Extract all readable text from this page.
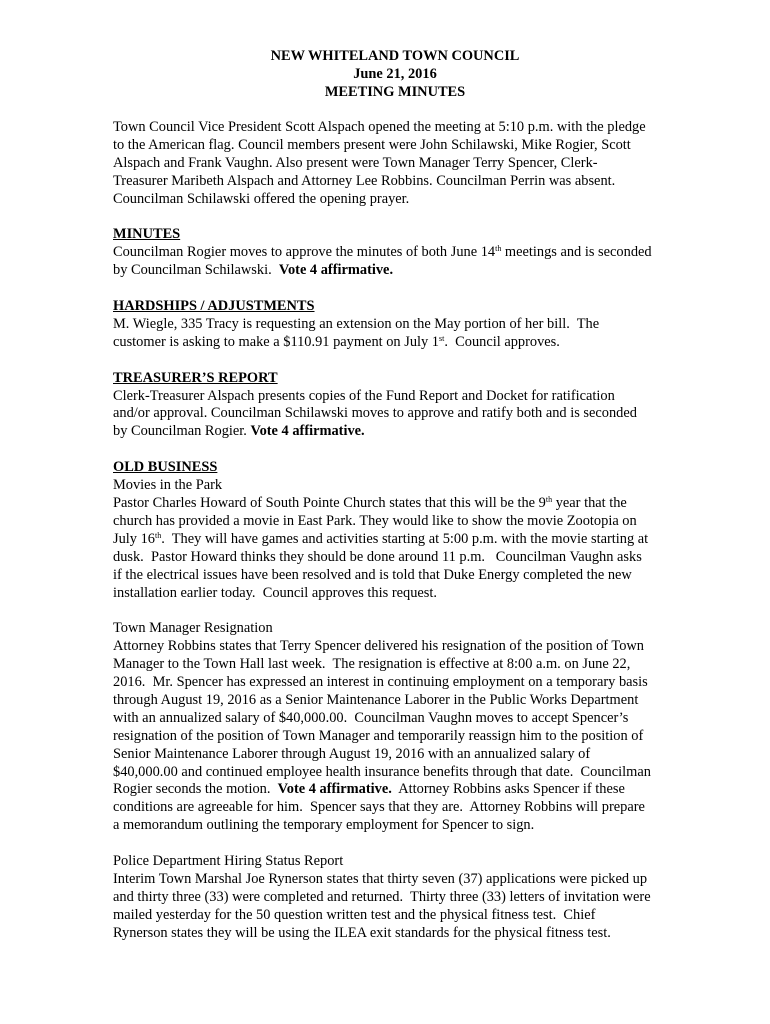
NEW WHITELAND TOWN COUNCIL
June 21, 2016
MEETING MINUTES

Town Council Vice President Scott Alspach opened the meeting at 5:10 p.m. with the pledge

to the American flag. Council members present were John Schilawski, Mike Rogier, Scott

Alspach and Frank Vaughn. Also present were Town Manager Terry Spencer, Clerk-

Treasurer Maribeth Alspach and Attorney Lee Robbins. Councilman Perrin was absent.

Councilman Schilawski offered the opening prayer.

MINUTES

Councilman Rogier moves to approve the minutes of both June 14th meetings and is seconded

by Councilman Schilawski.  Vote 4 affirmative.

HARDSHIPS / ADJUSTMENTS

M. Wiegle, 335 Tracy is requesting an extension on the May portion of her bill.  The

customer is asking to make a $110.91 payment on July 1st.  Council approves.

TREASURER’S REPORT

Clerk-Treasurer Alspach presents copies of the Fund Report and Docket for ratification

and/or approval. Councilman Schilawski moves to approve and ratify both and is seconded

by Councilman Rogier. Vote 4 affirmative.

OLD BUSINESS

Movies in the Park

Pastor Charles Howard of South Pointe Church states that this will be the 9th year that the

church has provided a movie in East Park. They would like to show the movie Zootopia on

July 16th.  They will have games and activities starting at 5:00 p.m. with the movie starting at

dusk.  Pastor Howard thinks they should be done around 11 p.m.   Councilman Vaughn asks

if the electrical issues have been resolved and is told that Duke Energy completed the new

installation earlier today.  Council approves this request.

Town Manager Resignation

Attorney Robbins states that Terry Spencer delivered his resignation of the position of Town

Manager to the Town Hall last week.  The resignation is effective at 8:00 a.m. on June 22,

2016.  Mr. Spencer has expressed an interest in continuing employment on a temporary basis

through August 19, 2016 as a Senior Maintenance Laborer in the Public Works Department

with an annualized salary of $40,000.00.  Councilman Vaughn moves to accept Spencer’s

resignation of the position of Town Manager and temporarily reassign him to the position of

Senior Maintenance Laborer through August 19, 2016 with an annualized salary of

$40,000.00 and continued employee health insurance benefits through that date.  Councilman

Rogier seconds the motion.  Vote 4 affirmative.  Attorney Robbins asks Spencer if these

conditions are agreeable for him.  Spencer says that they are.  Attorney Robbins will prepare

a memorandum outlining the temporary employment for Spencer to sign.

Police Department Hiring Status Report

Interim Town Marshal Joe Rynerson states that thirty seven (37) applications were picked up

and thirty three (33) were completed and returned.  Thirty three (33) letters of invitation were

mailed yesterday for the 50 question written test and the physical fitness test.  Chief

Rynerson states they will be using the ILEA exit standards for the physical fitness test.
